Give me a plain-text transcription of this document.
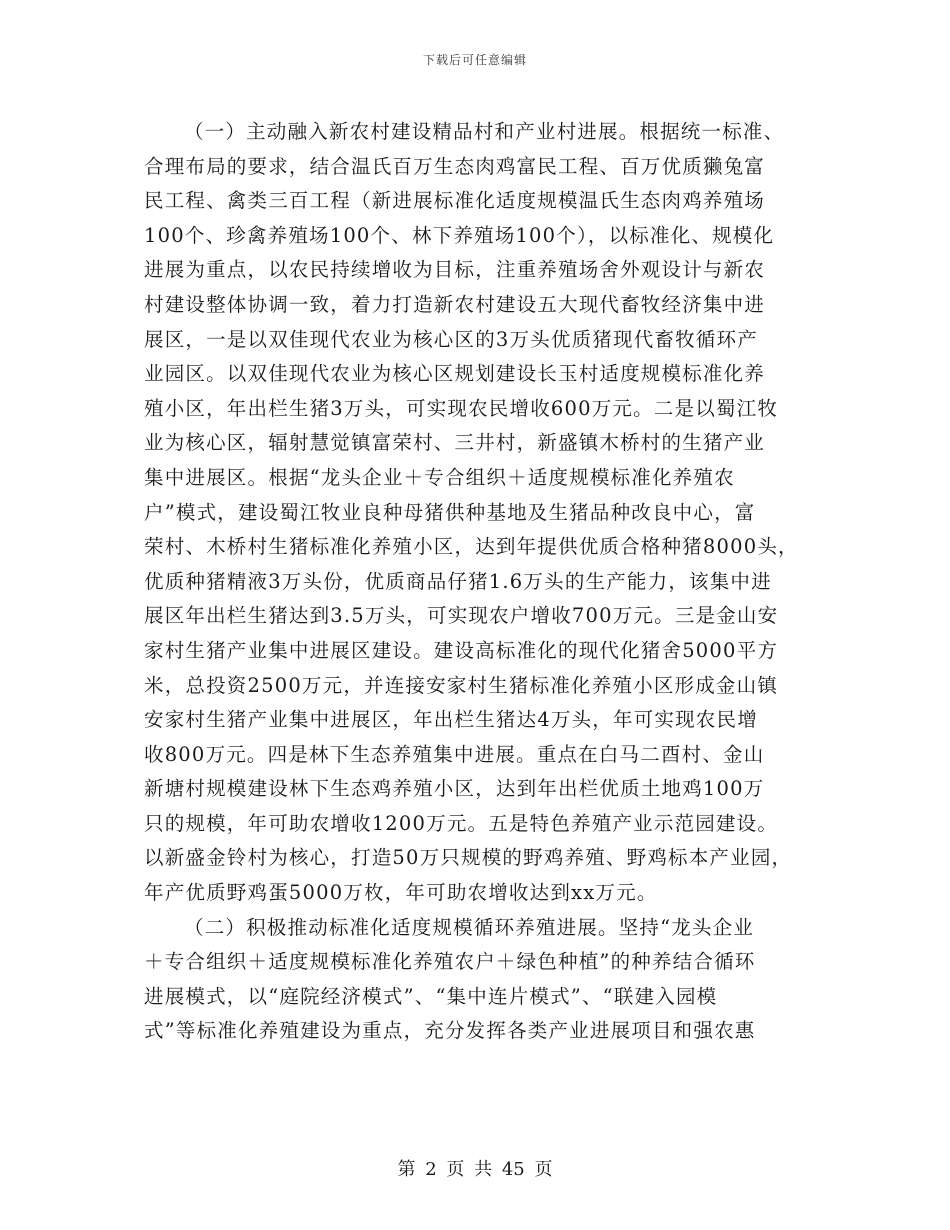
下载后可任意编辑
（一）主动融入新农村建设精品村和产业村进展。根据统一标准、
合理布局的要求，结合温氏百万生态肉鸡富民工程、百万优质獭兔富
民工程、禽类三百工程（新进展标准化适度规模温氏生态肉鸡养殖场
100个、珍禽养殖场100个、林下养殖场100个），以标准化、规模化
进展为重点，以农民持续增收为目标，注重养殖场舍外观设计与新农
村建设整体协调一致，着力打造新农村建设五大现代畜牧经济集中进
展区，一是以双佳现代农业为核心区的3万头优质猪现代畜牧循环产
业园区。以双佳现代农业为核心区规划建设长玉村适度规模标准化养
殖小区，年出栏生猪3万头，可实现农民增收600万元。二是以蜀江牧
业为核心区，辐射慧觉镇富荣村、三井村，新盛镇木桥村的生猪产业
集中进展区。根据“龙头企业＋专合组织＋适度规模标准化养殖农
户”模式，建设蜀江牧业良种母猪供种基地及生猪品种改良中心，富
荣村、木桥村生猪标准化养殖小区，达到年提供优质合格种猪8000头，
优质种猪精液3万头份，优质商品仔猪1.6万头的生产能力，该集中进
展区年出栏生猪达到3.5万头，可实现农户增收700万元。三是金山安
家村生猪产业集中进展区建设。建设高标准化的现代化猪舍5000平方
米，总投资2500万元，并连接安家村生猪标准化养殖小区形成金山镇
安家村生猪产业集中进展区，年出栏生猪达4万头，年可实现农民增
收800万元。四是林下生态养殖集中进展。重点在白马二酉村、金山
新塘村规模建设林下生态鸡养殖小区，达到年出栏优质土地鸡100万
只的规模，年可助农增收1200万元。五是特色养殖产业示范园建设。
以新盛金铃村为核心，打造50万只规模的野鸡养殖、野鸡标本产业园，
年产优质野鸡蛋5000万枚，年可助农增收达到xx万元。
（二）积极推动标准化适度规模循环养殖进展。坚持“龙头企业
＋专合组织＋适度规模标准化养殖农户＋绿色种植”的种养结合循环
进展模式，以“庭院经济模式”、“集中连片模式”、“联建入园模
式”等标准化养殖建设为重点，充分发挥各类产业进展项目和强农惠
第 2 页 共 45 页
